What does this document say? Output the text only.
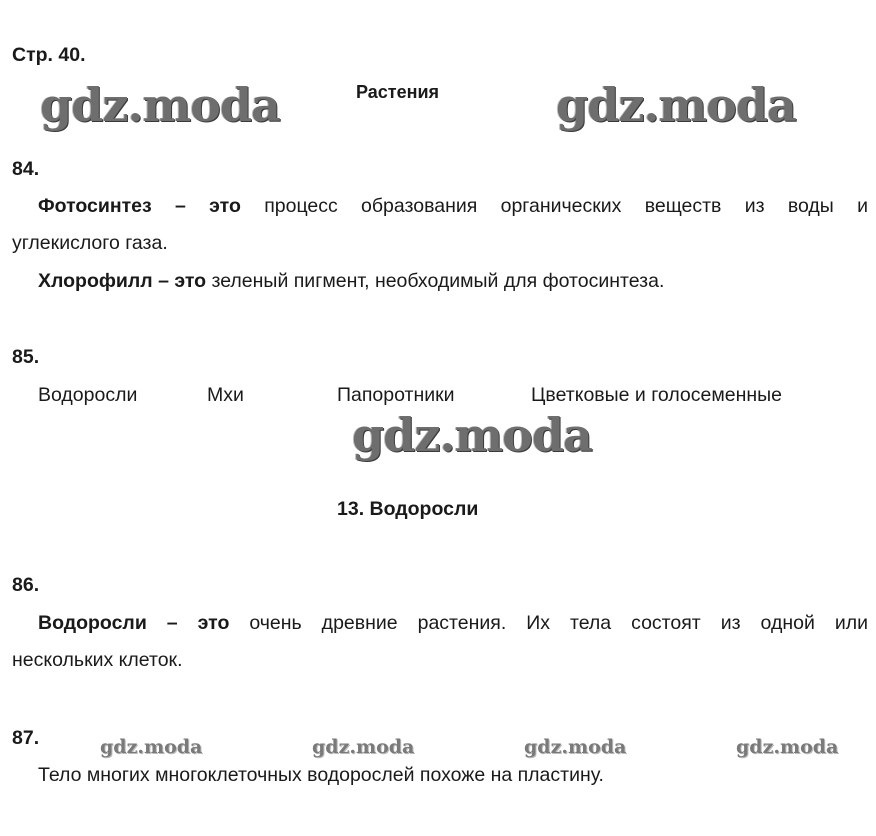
Стр. 40.
Растения
gdz.moda	gdz.moda
gdz.moda
gdz.moda	gdz.moda	gdz.moda	gdz.moda
84.
Фотосинтез – это процесс образования органических веществ из воды и
углекислого газа.
Хлорофилл – это зеленый пигмент, необходимый для фотосинтеза.
85.
Водоросли	Мхи	Папоротники	Цветковые и голосеменные
13. Водоросли
86.
Водоросли – это очень древние растения. Их тела состоят из одной или
нескольких клеток.
87.
Тело многих многоклеточных водорослей похоже на пластину.
